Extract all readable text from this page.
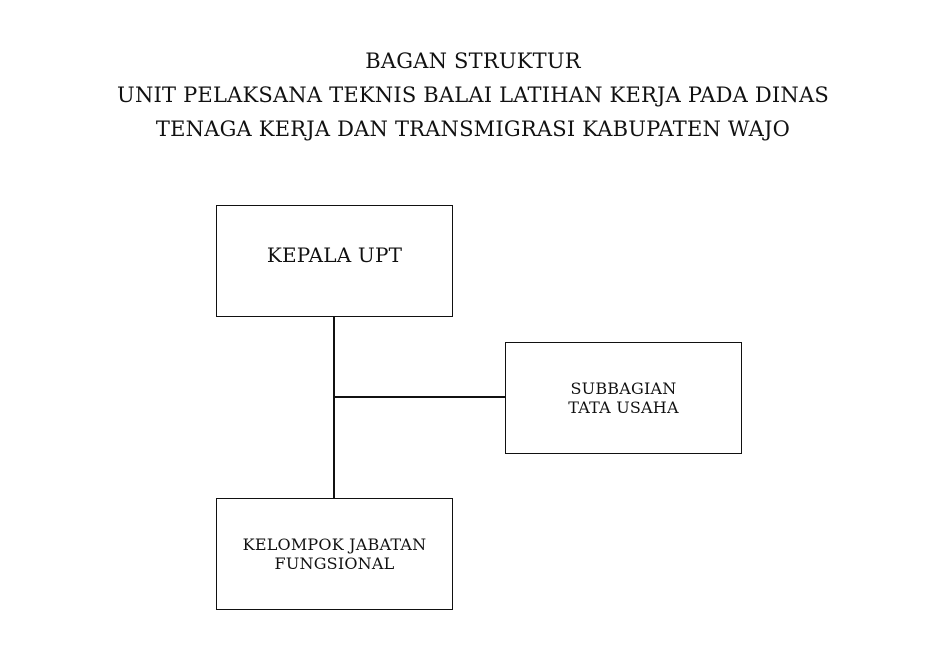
BAGAN STRUKTUR
UNIT PELAKSANA TEKNIS BALAI LATIHAN KERJA PADA DINAS
TENAGA KERJA DAN TRANSMIGRASI KABUPATEN WAJO
KEPALA UPT
SUBBAGIAN
TATA USAHA
KELOMPOK JABATAN
FUNGSIONAL
